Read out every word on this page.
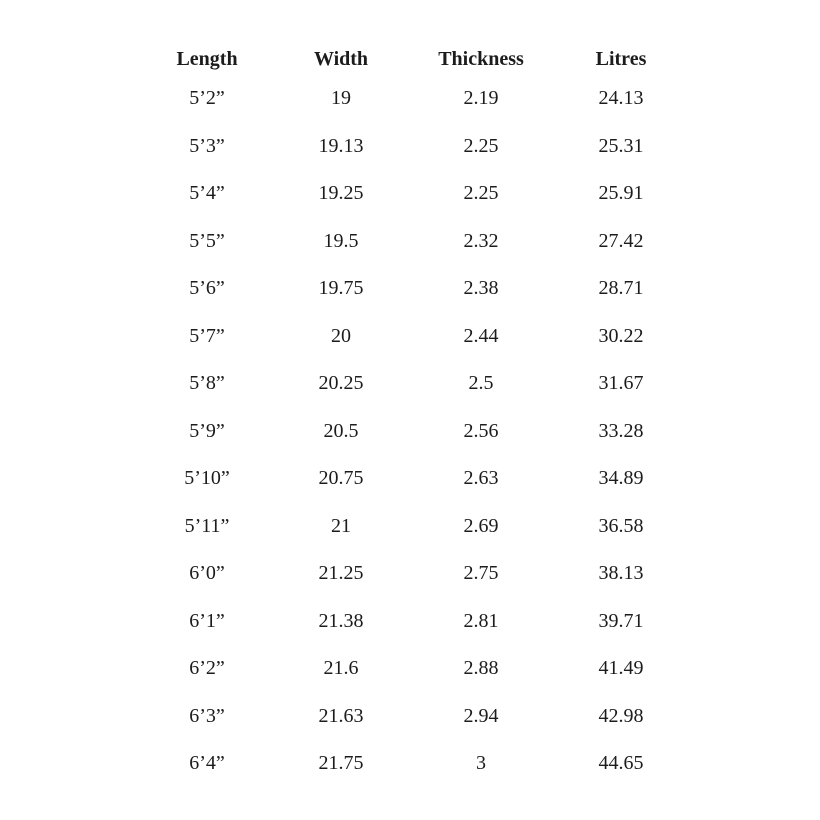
Length	Width	Thickness	Litres
5’2”	19	2.19	24.13
5’3”	19.13	2.25	25.31
5’4”	19.25	2.25	25.91
5’5”	19.5	2.32	27.42
5’6”	19.75	2.38	28.71
5’7”	20	2.44	30.22
5’8”	20.25	2.5	31.67
5’9”	20.5	2.56	33.28
5’10”	20.75	2.63	34.89
5’11”	21	2.69	36.58
6’0”	21.25	2.75	38.13
6’1”	21.38	2.81	39.71
6’2”	21.6	2.88	41.49
6’3”	21.63	2.94	42.98
6’4”	21.75	3	44.65
